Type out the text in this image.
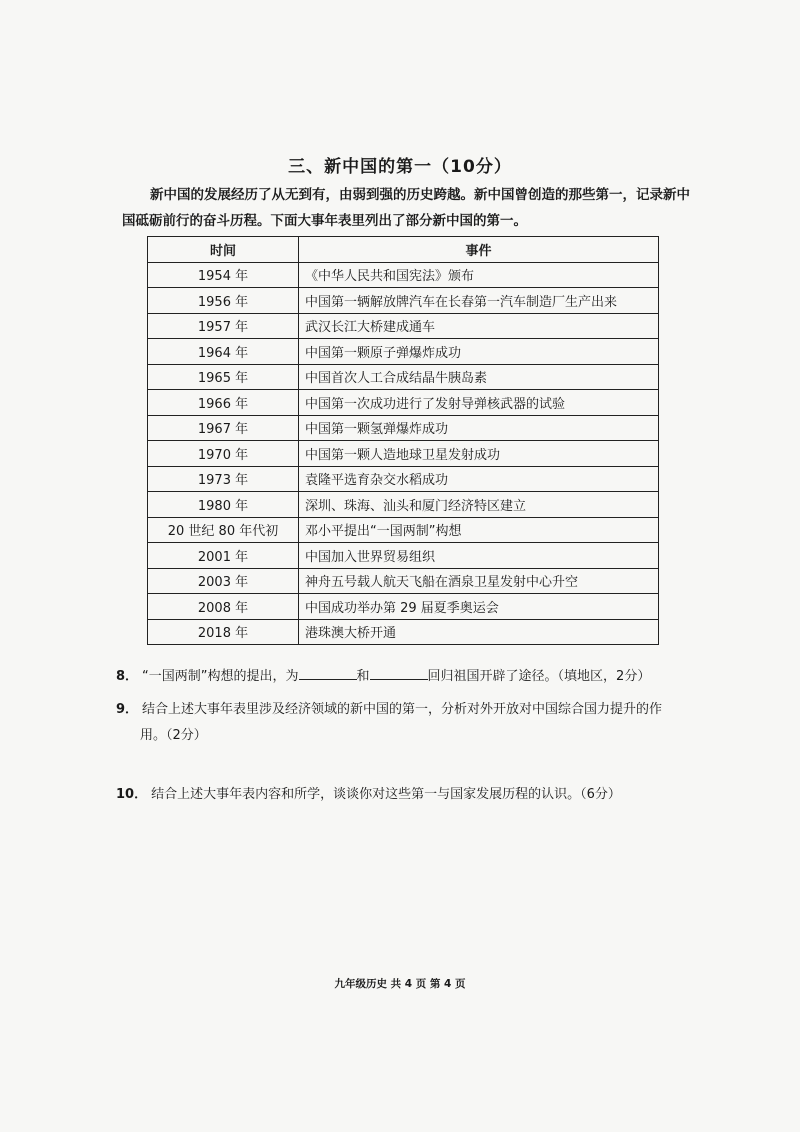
三、新中国的第一（10分）
新中国的发展经历了从无到有，由弱到强的历史跨越。新中国曾创造的那些第一，记录新中国砥砺前行的奋斗历程。下面大事年表里列出了部分新中国的第一。
时间	事件
1954 年	《中华人民共和国宪法》颁布
1956 年	中国第一辆解放牌汽车在长春第一汽车制造厂生产出来
1957 年	武汉长江大桥建成通车
1964 年	中国第一颗原子弹爆炸成功
1965 年	中国首次人工合成结晶牛胰岛素
1966 年	中国第一次成功进行了发射导弹核武器的试验
1967 年	中国第一颗氢弹爆炸成功
1970 年	中国第一颗人造地球卫星发射成功
1973 年	袁隆平选育杂交水稻成功
1980 年	深圳、珠海、汕头和厦门经济特区建立
20 世纪 80 年代初	邓小平提出“一国两制”构想
2001 年	中国加入世界贸易组织
2003 年	神舟五号载人航天飞船在酒泉卫星发射中心升空
2008 年	中国成功举办第 29 届夏季奥运会
2018 年	港珠澳大桥开通
8． “一国两制”构想的提出，为	和	回归祖国开辟了途径。（填地区，2分）
9． 结合上述大事年表里涉及经济领域的新中国的第一，分析对外开放对中国综合国力提升的作
用。（2分）
10． 结合上述大事年表内容和所学，谈谈你对这些第一与国家发展历程的认识。（6分）
九年级历史 共 4 页 第 4 页
